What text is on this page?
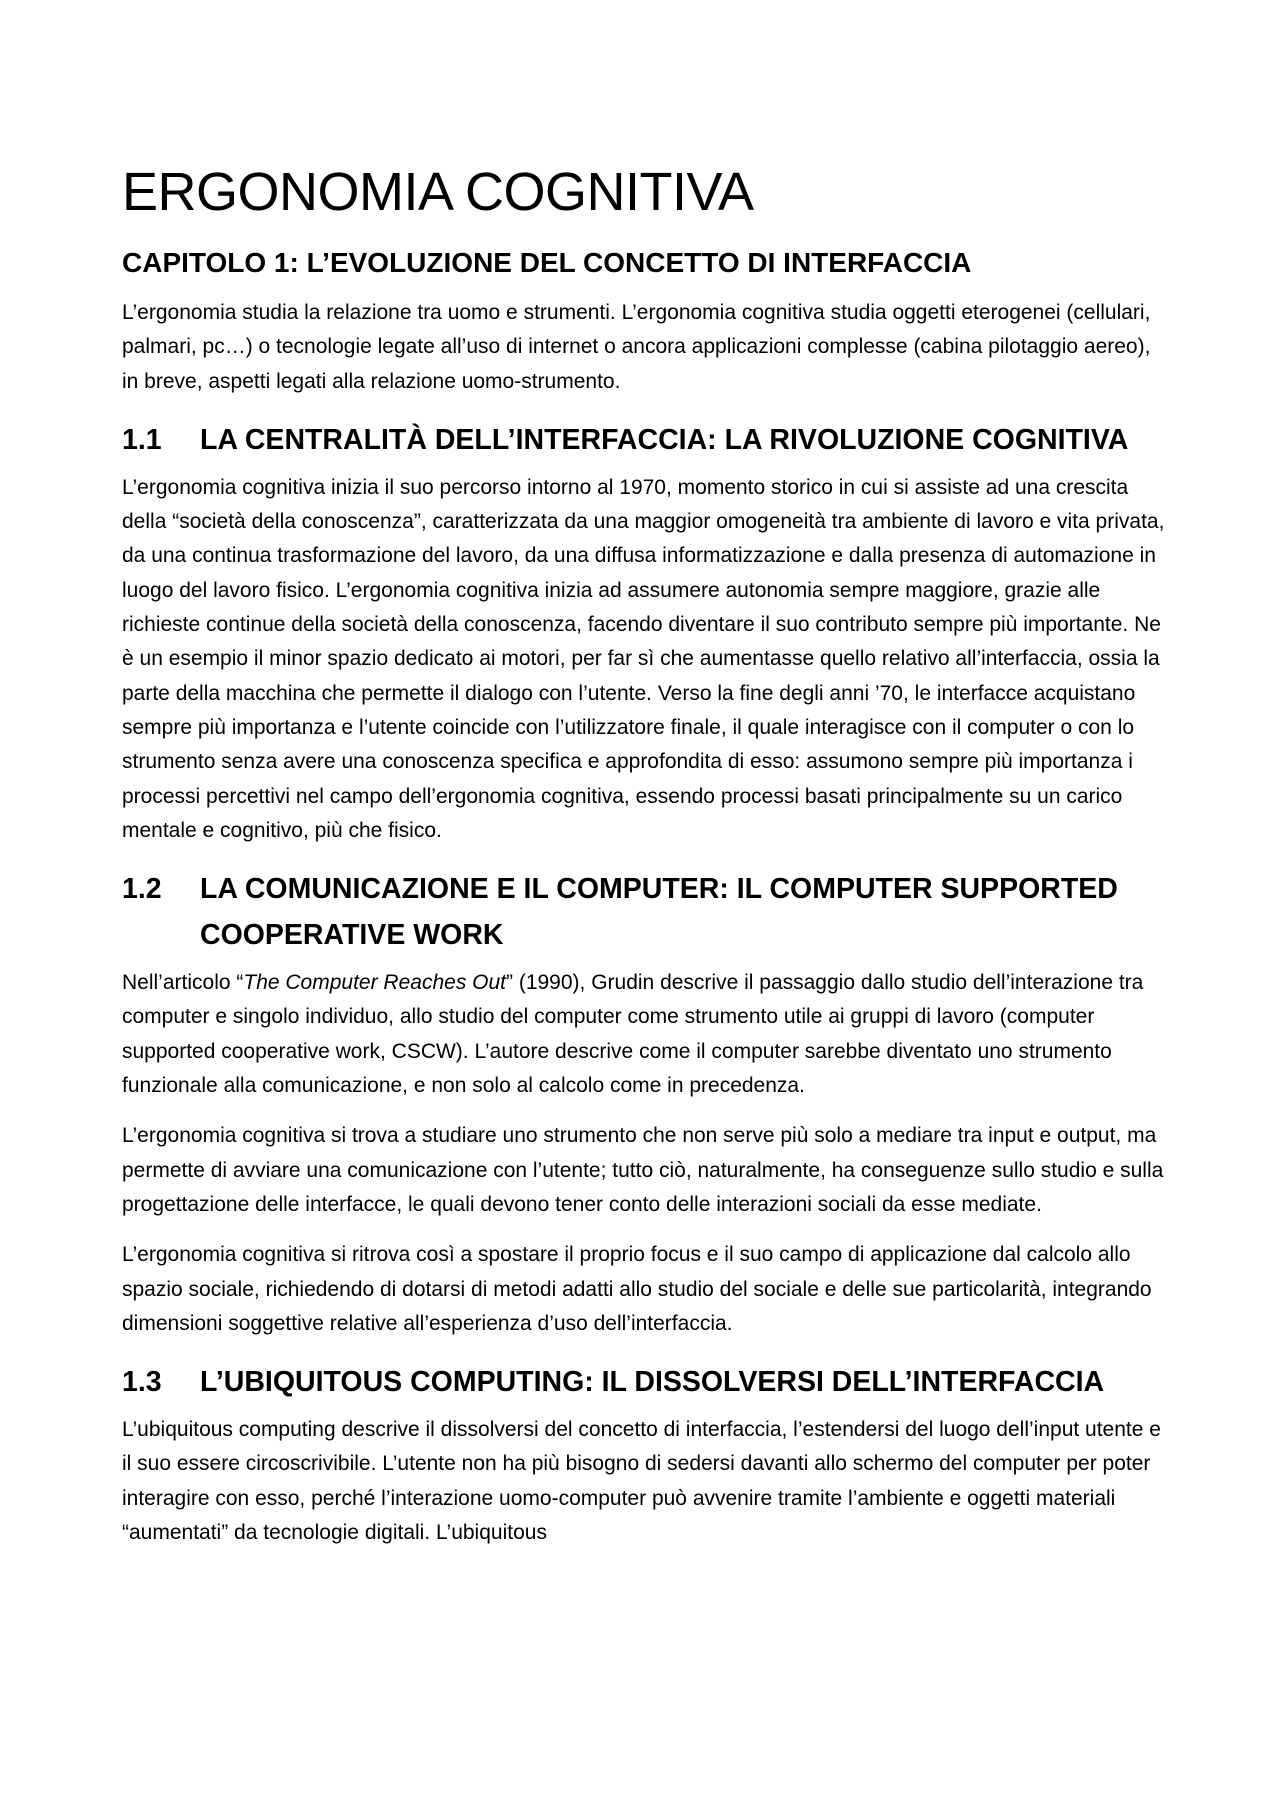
ERGONOMIA COGNITIVA
CAPITOLO 1: L’EVOLUZIONE DEL CONCETTO DI INTERFACCIA

L’ergonomia studia la relazione tra uomo e strumenti. L’ergonomia cognitiva studia oggetti eterogenei (cellulari, palmari, pc…) o tecnologie legate all’uso di internet o ancora applicazioni complesse (cabina pilotaggio aereo), in breve, aspetti legati alla relazione uomo-strumento.

1.1	LA CENTRALITÀ DELL’INTERFACCIA: LA RIVOLUZIONE COGNITIVA

L’ergonomia cognitiva inizia il suo percorso intorno al 1970, momento storico in cui si assiste ad una crescita della “società della conoscenza”, caratterizzata da una maggior omogeneità tra ambiente di lavoro e vita privata, da una continua trasformazione del lavoro, da una diffusa informatizzazione e dalla presenza di automazione in luogo del lavoro fisico. L’ergonomia cognitiva inizia ad assumere autonomia sempre maggiore, grazie alle richieste continue della società della conoscenza, facendo diventare il suo contributo sempre più importante. Ne è un esempio il minor spazio dedicato ai motori, per far sì che aumentasse quello relativo all’interfaccia, ossia la parte della macchina che permette il dialogo con l’utente. Verso la fine degli anni ’70, le interfacce acquistano sempre più importanza e l’utente coincide con l’utilizzatore finale, il quale interagisce con il computer o con lo strumento senza avere una conoscenza specifica e approfondita di esso: assumono sempre più importanza i processi percettivi nel campo dell’ergonomia cognitiva, essendo processi basati principalmente su un carico mentale e cognitivo, più che fisico.

1.2	LA COMUNICAZIONE E IL COMPUTER: IL COMPUTER SUPPORTED COOPERATIVE WORK

Nell’articolo “The Computer Reaches Out” (1990), Grudin descrive il passaggio dallo studio dell’interazione tra computer e singolo individuo, allo studio del computer come strumento utile ai gruppi di lavoro (computer supported cooperative work, CSCW). L’autore descrive come il computer sarebbe diventato uno strumento funzionale alla comunicazione, e non solo al calcolo come in precedenza.

L’ergonomia cognitiva si trova a studiare uno strumento che non serve più solo a mediare tra input e output, ma permette di avviare una comunicazione con l’utente; tutto ciò, naturalmente, ha conseguenze sullo studio e sulla progettazione delle interfacce, le quali devono tener conto delle interazioni sociali da esse mediate.

L’ergonomia cognitiva si ritrova così a spostare il proprio focus e il suo campo di applicazione dal calcolo allo spazio sociale, richiedendo di dotarsi di metodi adatti allo studio del sociale e delle sue particolarità, integrando dimensioni soggettive relative all’esperienza d’uso dell’interfaccia.

1.3	L’UBIQUITOUS COMPUTING: IL DISSOLVERSI DELL’INTERFACCIA

L’ubiquitous computing descrive il dissolversi del concetto di interfaccia, l’estendersi del luogo dell’input utente e il suo essere circoscrivibile. L’utente non ha più bisogno di sedersi davanti allo schermo del computer per poter interagire con esso, perché l’interazione uomo-computer può avvenire tramite l’ambiente e oggetti materiali “aumentati” da tecnologie digitali. L’ubiquitous
